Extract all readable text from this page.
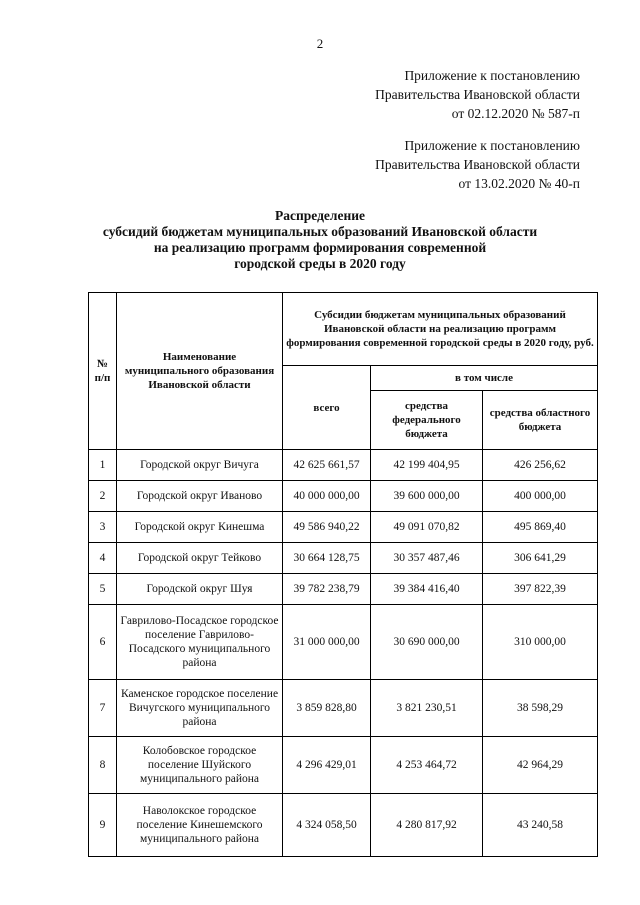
2
Приложение к постановлению
Правительства Ивановской области
от 02.12.2020 № 587-п
Приложение к постановлению
Правительства Ивановской области
от 13.02.2020 № 40-п
Распределение
субсидий бюджетам муниципальных образований Ивановской области
на реализацию программ формирования современной
городской среды в 2020 году
№ п/п	Наименование муниципального образования Ивановской области	Субсидии бюджетам муниципальных образований Ивановской области на реализацию программ формирования современной городской среды в 2020 году, руб.		
		всего	в том числе	
			средства федерального бюджета	средства областного бюджета
1	Городской округ Вичуга	42 625 661,57	42 199 404,95	426 256,62
2	Городской округ Иваново	40 000 000,00	39 600 000,00	400 000,00
3	Городской округ Кинешма	49 586 940,22	49 091 070,82	495 869,40
4	Городской округ Тейково	30 664 128,75	30 357 487,46	306 641,29
5	Городской округ Шуя	39 782 238,79	39 384 416,40	397 822,39
6	Гаврилово-Посадское городское поселение Гаврилово-Посадского муниципального района	31 000 000,00	30 690 000,00	310 000,00
7	Каменское городское поселение Вичугского муниципального района	3 859 828,80	3 821 230,51	38 598,29
8	Колобовское городское поселение Шуйского муниципального района	4 296 429,01	4 253 464,72	42 964,29
9	Наволокское городское поселение Кинешемского муниципального района	4 324 058,50	4 280 817,92	43 240,58
